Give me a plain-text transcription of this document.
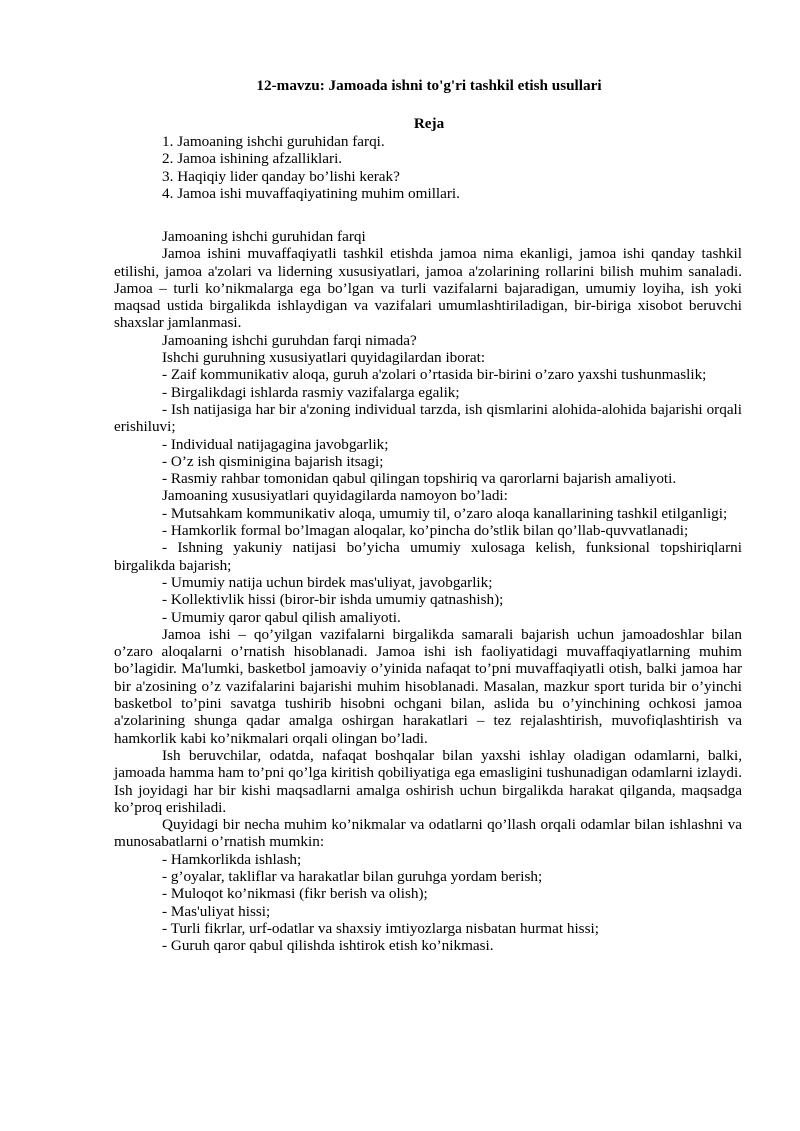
12-mavzu: Jamoada ishni to'g'ri tashkil etish usullari
Reja
1. Jamoaning ishchi guruhidan farqi.
2. Jamoa ishining afzalliklari.
3. Haqiqiy lider qanday bo’lishi kerak?
4. Jamoa ishi muvaffaqiyatining muhim omillari.

Jamoaning ishchi guruhidan farqi

Jamoa ishini muvaffaqiyatli tashkil etishda jamoa nima ekanligi, jamoa ishi qanday tashkil etilishi, jamoa a'zolari va liderning xususiyatlari, jamoa a'zolarining rollarini bilish muhim sanaladi. Jamoa – turli ko’nikmalarga ega bo’lgan va turli vazifalarni bajaradigan, umumiy loyiha, ish yoki maqsad ustida birgalikda ishlaydigan va vazifalari umumlashtiriladigan, bir-biriga xisobot beruvchi shaxslar jamlanmasi.

Jamoaning ishchi guruhdan farqi nimada?

Ishchi guruhning xususiyatlari quyidagilardan iborat:

- Zaif kommunikativ aloqa, guruh a'zolari o’rtasida bir-birini o’zaro yaxshi tushunmaslik;

- Birgalikdagi ishlarda rasmiy vazifalarga egalik;

- Ish natijasiga har bir a'zoning individual tarzda, ish qismlarini alohida-alohida bajarishi orqali erishiluvi;

- Individual natijagagina javobgarlik;

- O’z ish qisminigina bajarish itsagi;

- Rasmiy rahbar tomonidan qabul qilingan topshiriq va qarorlarni bajarish amaliyoti.

Jamoaning xususiyatlari quyidagilarda namoyon bo’ladi:

- Mutsahkam kommunikativ aloqa, umumiy til, o’zaro aloqa kanallarining tashkil etilganligi;

- Hamkorlik formal bo’lmagan aloqalar, ko’pincha do’stlik bilan qo’llab-quvvatlanadi;

- Ishning yakuniy natijasi bo’yicha umumiy xulosaga kelish, funksional topshiriqlarni birgalikda bajarish;

- Umumiy natija uchun birdek mas'uliyat, javobgarlik;

- Kollektivlik hissi (biror-bir ishda umumiy qatnashish);

- Umumiy qaror qabul qilish amaliyoti.

Jamoa ishi – qo’yilgan vazifalarni birgalikda samarali bajarish uchun jamoadoshlar bilan o’zaro aloqalarni o’rnatish hisoblanadi. Jamoa ishi ish faoliyatidagi muvaffaqiyatlarning muhim bo’lagidir. Ma'lumki, basketbol jamoaviy o’yinida nafaqat to’pni muvaffaqiyatli otish, balki jamoa har bir a'zosining o’z vazifalarini bajarishi muhim hisoblanadi. Masalan, mazkur sport turida bir o’yinchi basketbol to’pini savatga tushirib hisobni ochgani bilan, aslida bu o’yinchining ochkosi jamoa a'zolarining shunga qadar amalga oshirgan harakatlari – tez rejalashtirish, muvofiqlashtirish va hamkorlik kabi ko’nikmalari orqali olingan bo’ladi.

Ish beruvchilar, odatda, nafaqat boshqalar bilan yaxshi ishlay oladigan odamlarni, balki, jamoada hamma ham to’pni qo’lga kiritish qobiliyatiga ega emasligini tushunadigan odamlarni izlaydi. Ish joyidagi har bir kishi maqsadlarni amalga oshirish uchun birgalikda harakat qilganda, maqsadga ko’proq erishiladi.

Quyidagi bir necha muhim ko’nikmalar va odatlarni qo’llash orqali odamlar bilan ishlashni va munosabatlarni o’rnatish mumkin:

- Hamkorlikda ishlash;

- g’oyalar, takliflar va harakatlar bilan guruhga yordam berish;

- Muloqot ko’nikmasi (fikr berish va olish);

- Mas'uliyat hissi;

- Turli fikrlar, urf-odatlar va shaxsiy imtiyozlarga nisbatan hurmat hissi;

- Guruh qaror qabul qilishda ishtirok etish ko’nikmasi.
